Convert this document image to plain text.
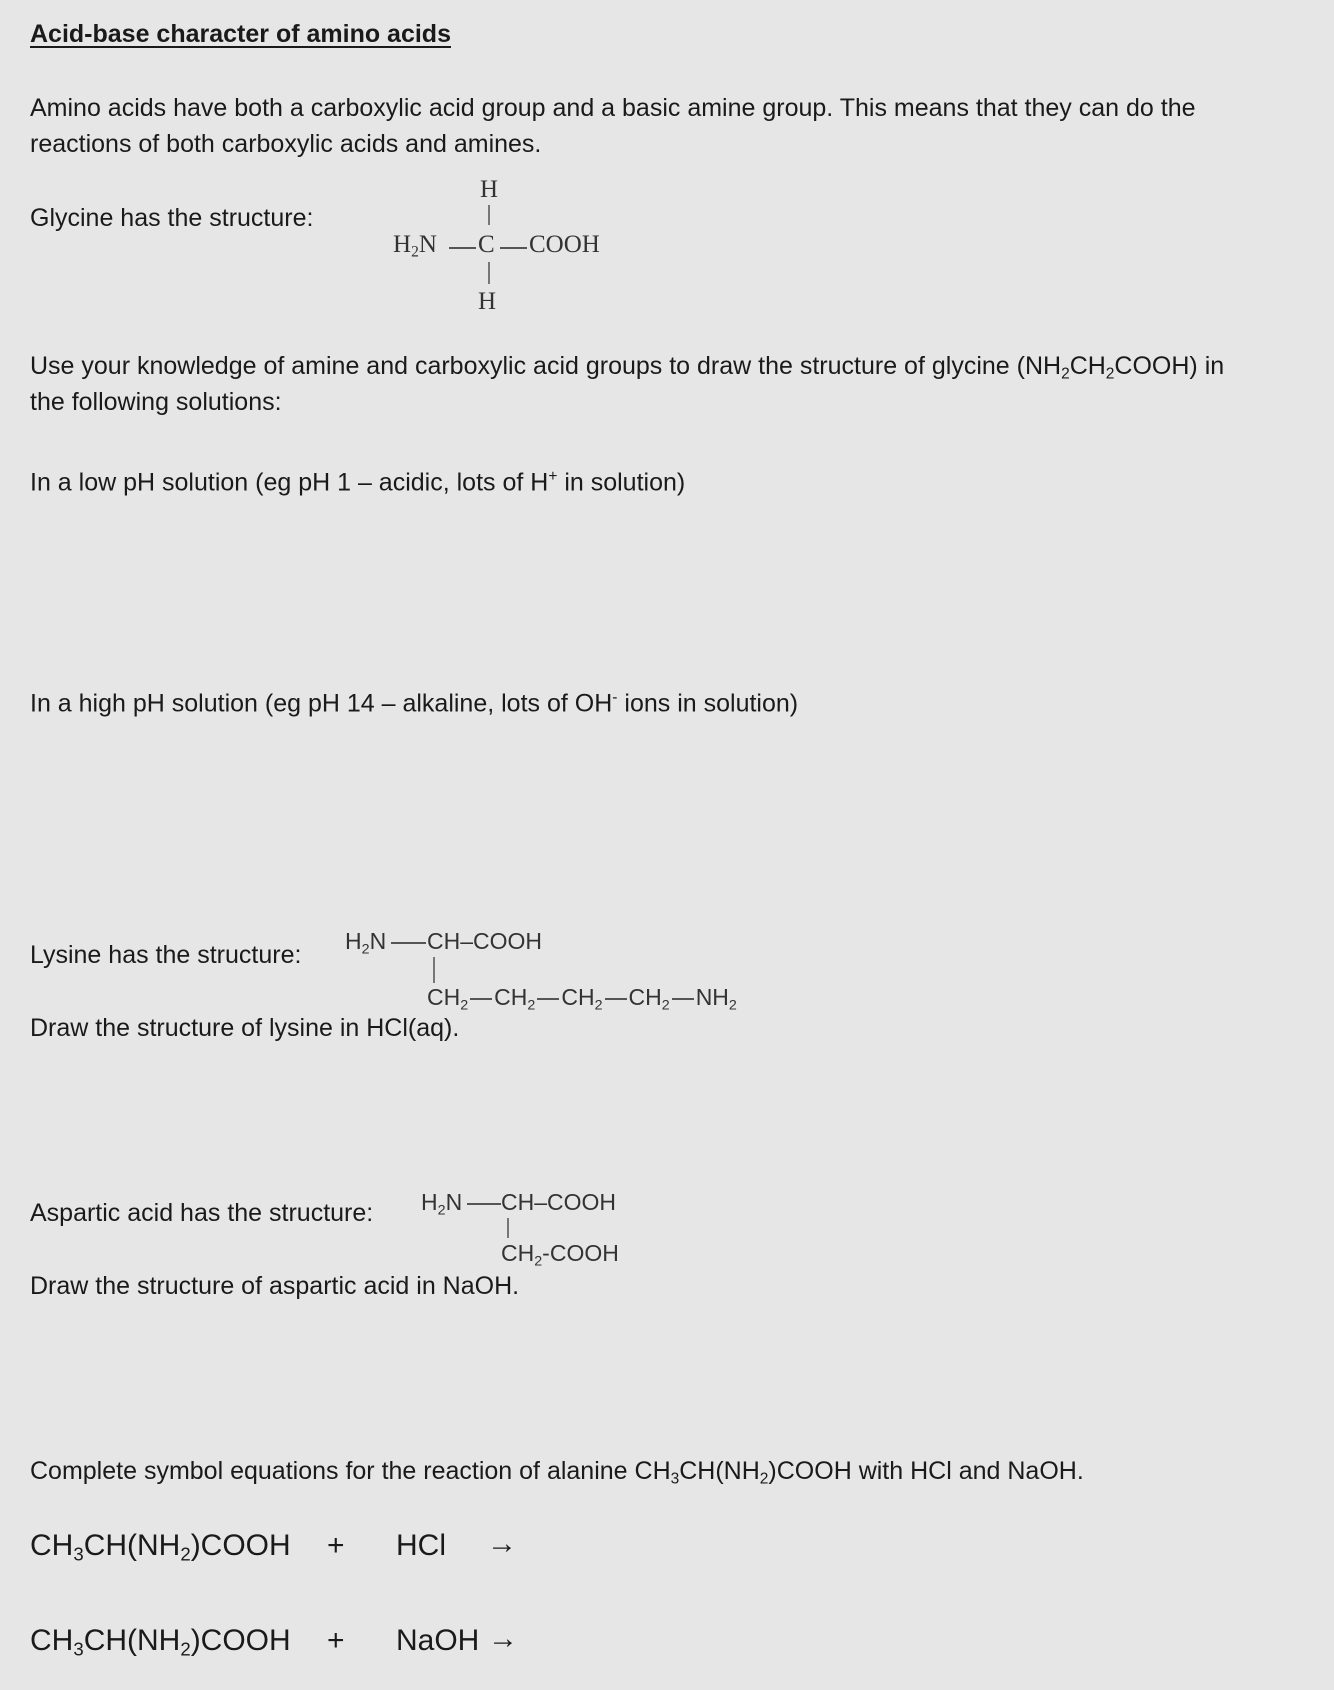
Acid-base character of amino acids
Amino acids have both a carboxylic acid group and a basic amine group. This means that they can do the
reactions of both carboxylic acids and amines.
Glycine has the structure:
H
H2N C COOH
H
Use your knowledge of amine and carboxylic acid groups to draw the structure of glycine (NH2CH2COOH) in
the following solutions:
In a low pH solution (eg pH 1 – acidic, lots of H+ in solution)
In a high pH solution (eg pH 14 – alkaline, lots of OH- ions in solution)
Lysine has the structure: H2N CH–COOH
CH2 CH2 CH2 CH2 NH2
Draw the structure of lysine in HCl(aq).
Aspartic acid has the structure: H2N CH–COOH
CH2-COOH
Draw the structure of aspartic acid in NaOH.
Complete symbol equations for the reaction of alanine CH3CH(NH2)COOH with HCl and NaOH.
CH3CH(NH2)COOH + HCl →
CH3CH(NH2)COOH + NaOH →
